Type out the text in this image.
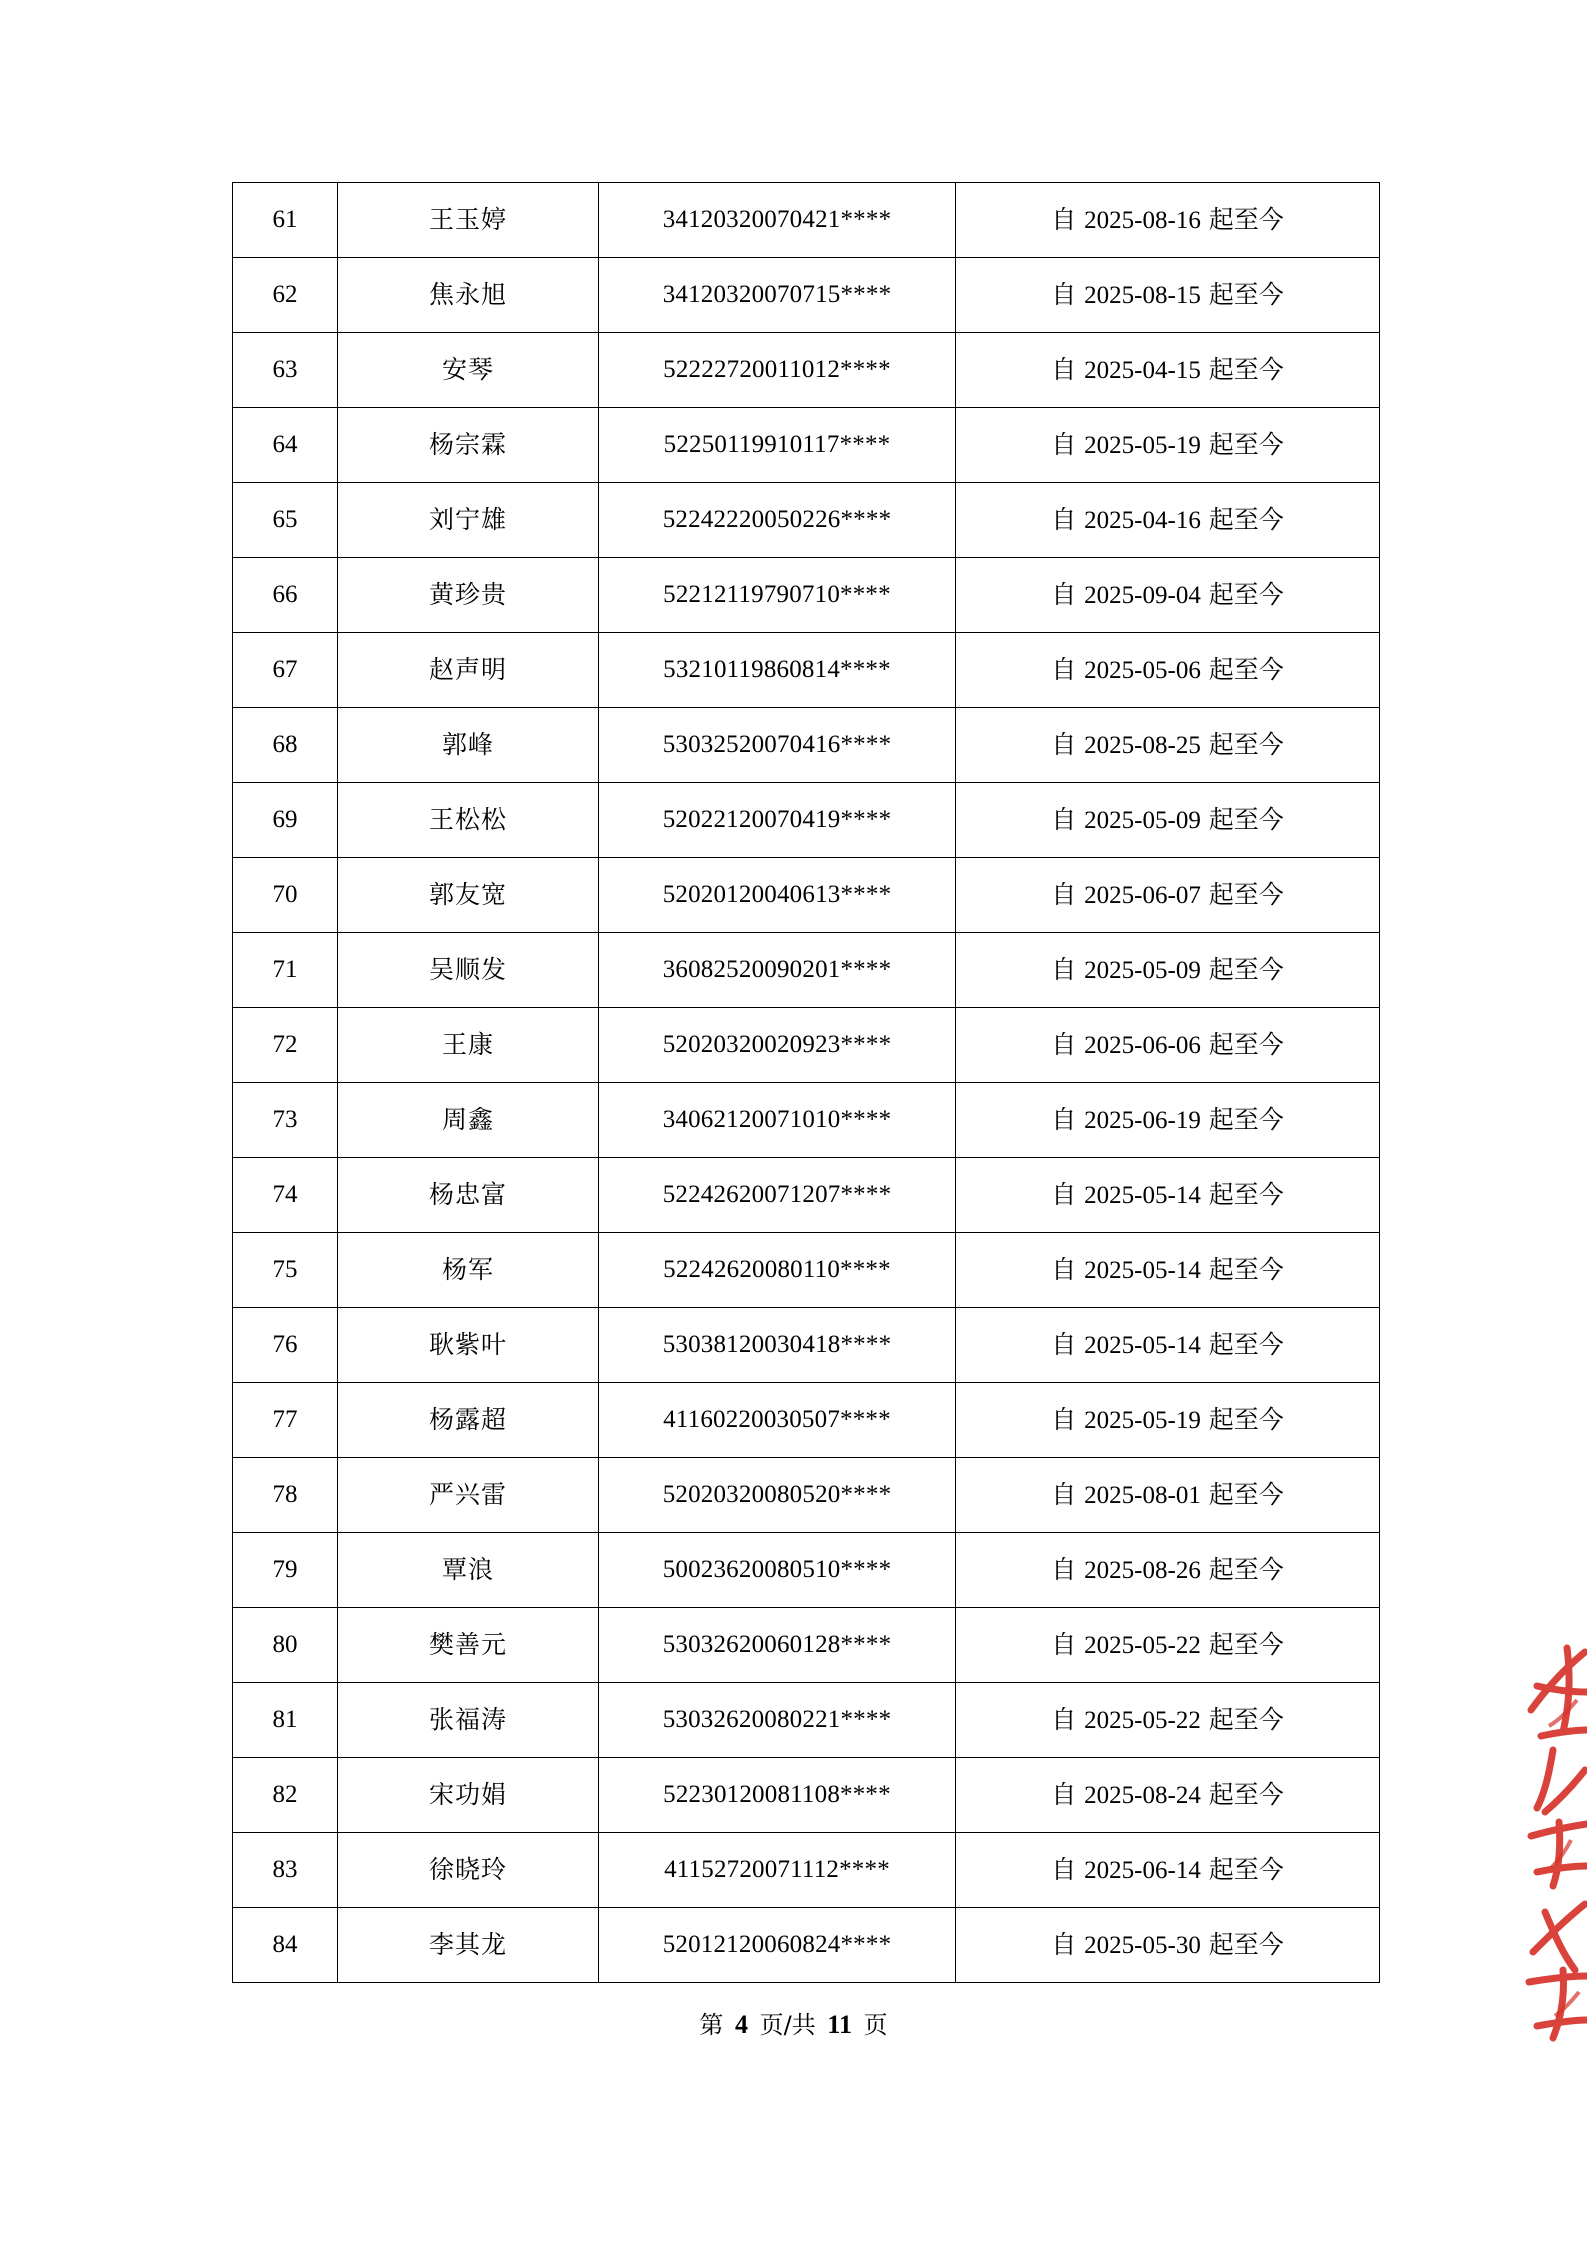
61	王玉婷	34120320070421****	自 2025-08-16 起至今
62	焦永旭	34120320070715****	自 2025-08-15 起至今
63	安琴	52222720011012****	自 2025-04-15 起至今
64	杨宗霖	52250119910117****	自 2025-05-19 起至今
65	刘宁雄	52242220050226****	自 2025-04-16 起至今
66	黄珍贵	52212119790710****	自 2025-09-04 起至今
67	赵声明	53210119860814****	自 2025-05-06 起至今
68	郭峰	53032520070416****	自 2025-08-25 起至今
69	王松松	52022120070419****	自 2025-05-09 起至今
70	郭友宽	52020120040613****	自 2025-06-07 起至今
71	吴顺发	36082520090201****	自 2025-05-09 起至今
72	王康	52020320020923****	自 2025-06-06 起至今
73	周鑫	34062120071010****	自 2025-06-19 起至今
74	杨忠富	52242620071207****	自 2025-05-14 起至今
75	杨军	52242620080110****	自 2025-05-14 起至今
76	耿紫叶	53038120030418****	自 2025-05-14 起至今
77	杨露超	41160220030507****	自 2025-05-19 起至今
78	严兴雷	52020320080520****	自 2025-08-01 起至今
79	覃浪	50023620080510****	自 2025-08-26 起至今
80	樊善元	53032620060128****	自 2025-05-22 起至今
81	张福涛	53032620080221****	自 2025-05-22 起至今
82	宋功娟	52230120081108****	自 2025-08-24 起至今
83	徐晓玲	41152720071112****	自 2025-06-14 起至今
84	李其龙	52012120060824****	自 2025-05-30 起至今
第 4 页/共 11 页
